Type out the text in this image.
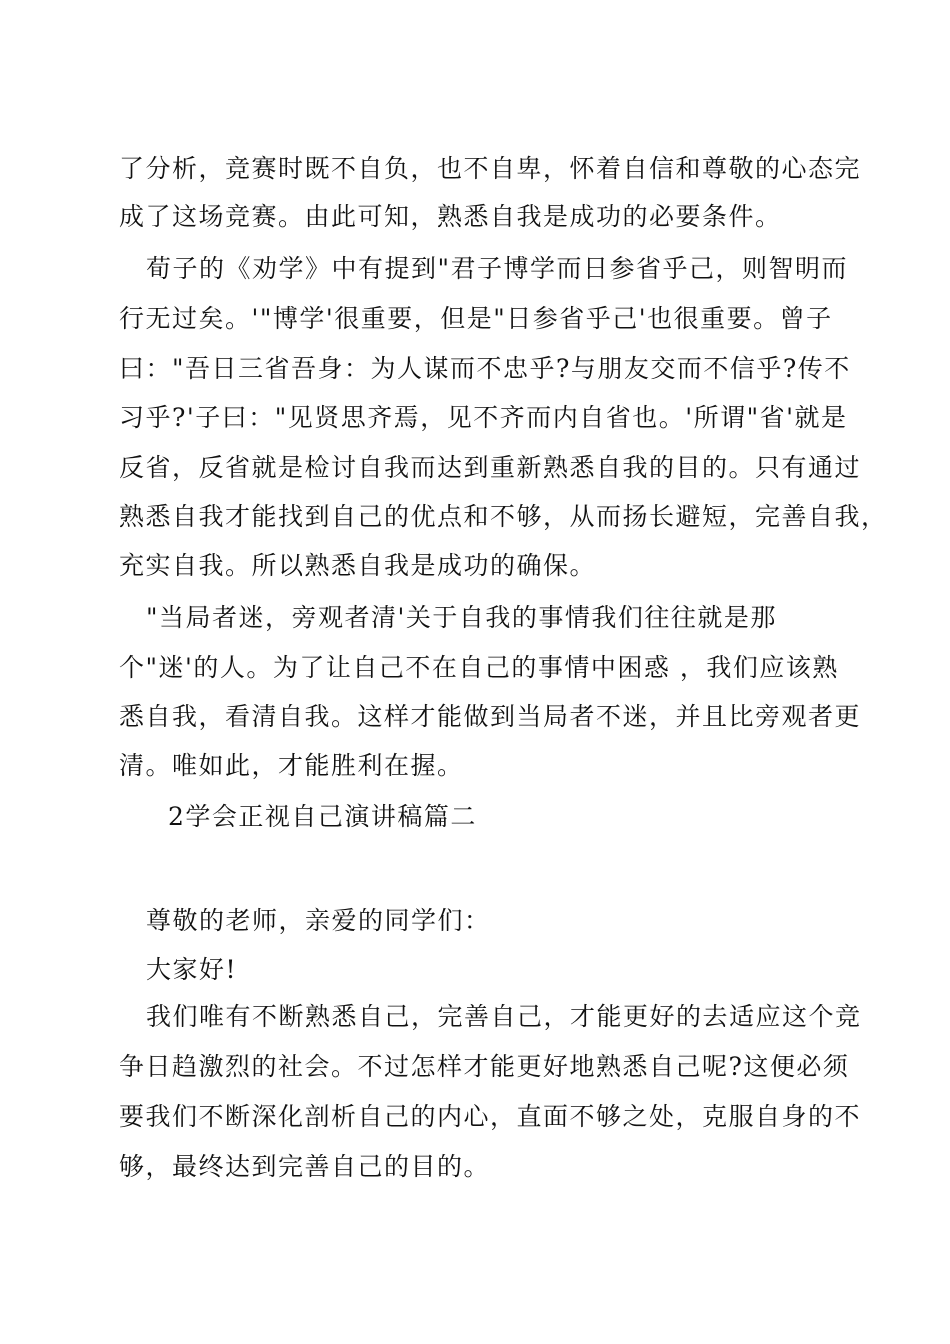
了分析，竞赛时既不自负，也不自卑，怀着自信和尊敬的心态完
成了这场竞赛。由此可知，熟悉自我是成功的必要条件。
荀子的《劝学》中有提到"君子博学而日参省乎己，则智明而
行无过矣。'"博学'很重要，但是"日参省乎己'也很重要。曾子
曰："吾日三省吾身：为人谋而不忠乎?与朋友交而不信乎?传不
习乎?'子曰："见贤思齐焉，见不齐而内自省也。'所谓"省'就是
反省，反省就是检讨自我而达到重新熟悉自我的目的。只有通过
熟悉自我才能找到自己的优点和不够，从而扬长避短，完善自我，
充实自我。所以熟悉自我是成功的确保。
"当局者迷，旁观者清'关于自我的事情我们往往就是那
个"迷'的人。为了让自己不在自己的事情中困惑 ，我们应该熟
悉自我，看清自我。这样才能做到当局者不迷，并且比旁观者更
清。唯如此，才能胜利在握。
2学会正视自己演讲稿篇二
尊敬的老师，亲爱的同学们：
大家好!
我们唯有不断熟悉自己，完善自己，才能更好的去适应这个竞
争日趋激烈的社会。不过怎样才能更好地熟悉自己呢?这便必须
要我们不断深化剖析自己的内心，直面不够之处，克服自身的不
够，最终达到完善自己的目的。
